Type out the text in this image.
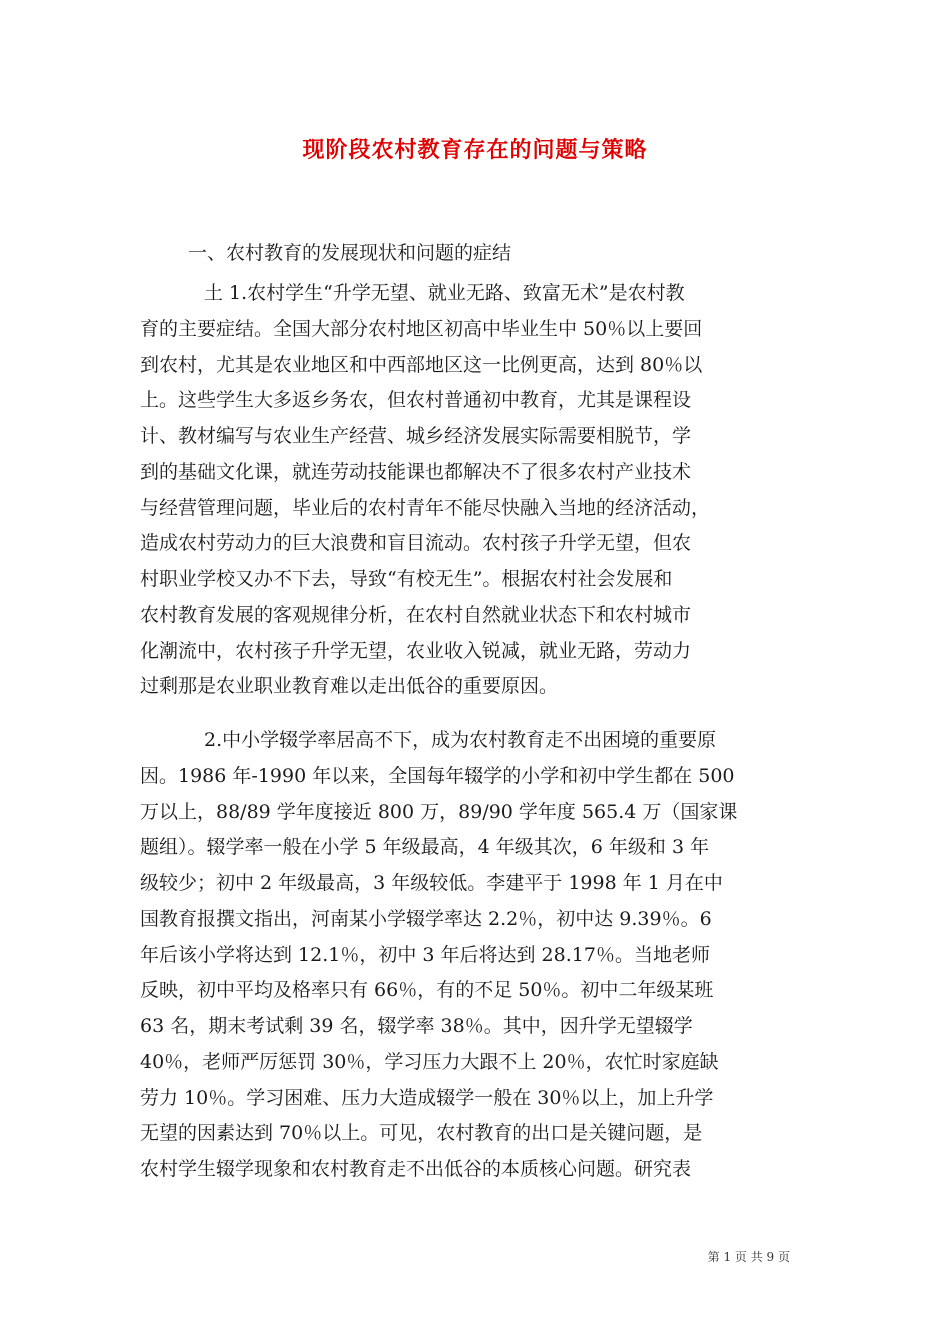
现阶段农村教育存在的问题与策略
一、农村教育的发展现状和问题的症结
土 1.农村学生“升学无望、就业无路、致富无术”是农村教
育的主要症结。全国大部分农村地区初高中毕业生中 50％以上要回
到农村，尤其是农业地区和中西部地区这一比例更高，达到 80％以
上。这些学生大多返乡务农，但农村普通初中教育，尤其是课程设
计、教材编写与农业生产经营、城乡经济发展实际需要相脱节，学
到的基础文化课，就连劳动技能课也都解决不了很多农村产业技术
与经营管理问题，毕业后的农村青年不能尽快融入当地的经济活动，
造成农村劳动力的巨大浪费和盲目流动。农村孩子升学无望，但农
村职业学校又办不下去，导致“有校无生”。根据农村社会发展和
农村教育发展的客观规律分析，在农村自然就业状态下和农村城市
化潮流中，农村孩子升学无望，农业收入锐减，就业无路，劳动力
过剩那是农业职业教育难以走出低谷的重要原因。
2.中小学辍学率居高不下，成为农村教育走不出困境的重要原
因。1986 年-1990 年以来，全国每年辍学的小学和初中学生都在 500
万以上，88/89 学年度接近 800 万，89/90 学年度 565.4 万（国家课
题组）。辍学率一般在小学 5 年级最高，4 年级其次，6 年级和 3 年
级较少；初中 2 年级最高，3 年级较低。李建平于 1998 年 1 月在中
国教育报撰文指出，河南某小学辍学率达 2.2％，初中达 9.39％。6
年后该小学将达到 12.1％，初中 3 年后将达到 28.17％。当地老师
反映，初中平均及格率只有 66％，有的不足 50％。初中二年级某班
63 名，期末考试剩 39 名，辍学率 38％。其中，因升学无望辍学
40％，老师严厉惩罚 30％，学习压力大跟不上 20％，农忙时家庭缺
劳力 10％。学习困难、压力大造成辍学一般在 30％以上，加上升学
无望的因素达到 70％以上。可见，农村教育的出口是关键问题，是
农村学生辍学现象和农村教育走不出低谷的本质核心问题。研究表
第 1 页 共 9 页
